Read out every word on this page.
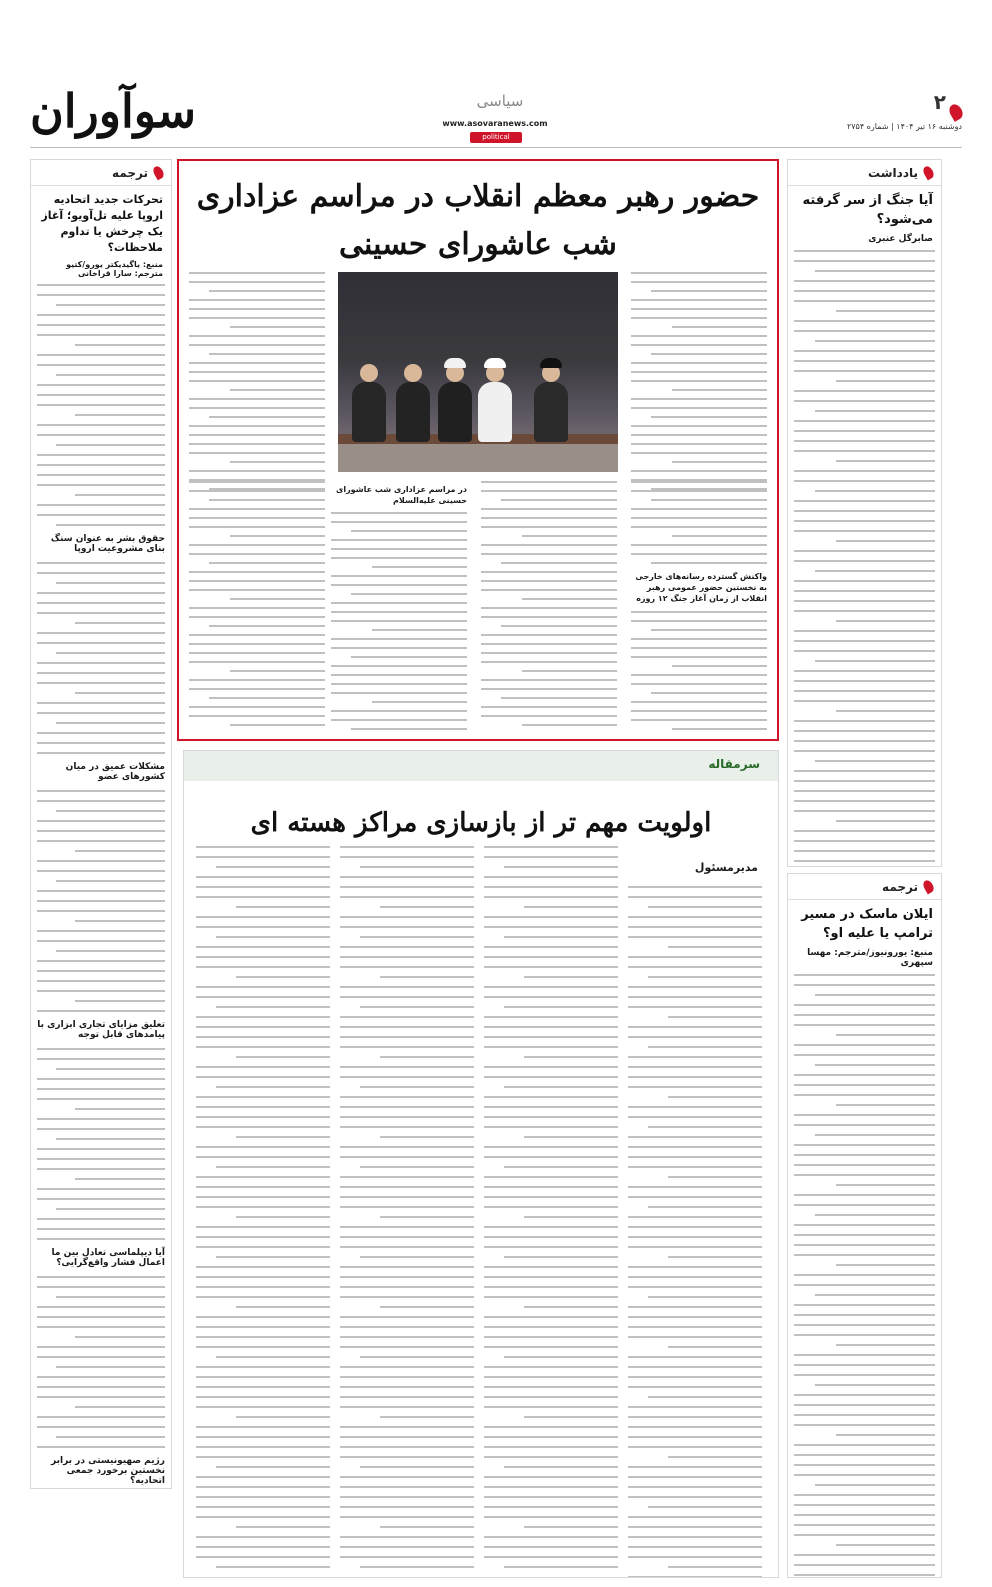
سوآوران	سیاسی
www.asovaranews.com
political
۲
دوشنبه ۱۶ تیر ۱۴۰۴ | شماره ۲۷۵۴
یادداشت
آیا جنگ از سر گرفته می‌شود؟
صابرگل عنبری
ترجمه
ایلان ماسک در مسیر ترامپ یا علیه او؟
منبع: یورونیوز/مترجم: مهسا سپهری
ترجمه
تحرکات جدید اتحادیه اروپا علیه تل‌آویو؛ آغاز یک چرخش یا تداوم ملاحظات؟
منبع: یاگیدیکتر یورو/کتیو مترجم: سارا قراخانی
حقوق بشر به عنوان سنگ بنای مشروعیت اروپا
مشکلات عمیق در میان کشورهای عضو
تعلیق مزایای تجاری ابزاری با پیامدهای قابل توجه
آیا دیپلماسی تعادل بین ما اعمال فشار واقع‌گرایی؟
رژیم صهیونیستی در برابر نخستین برخورد جمعی اتحادیه؟
حضور رهبر معظم انقلاب در مراسم عزاداری شب عاشورای حسینی
واکنش گسترده رسانه‌های خارجی به نخستین حضور عمومی رهبر انقلاب از زمان آغاز جنگ ۱۲ روزه
در مراسم عزاداری شب عاشورای حسینی علیه‌السلام
سرمقاله
اولویت مهم تر از بازسازی مراکز هسته ای
مدیرمسئول
